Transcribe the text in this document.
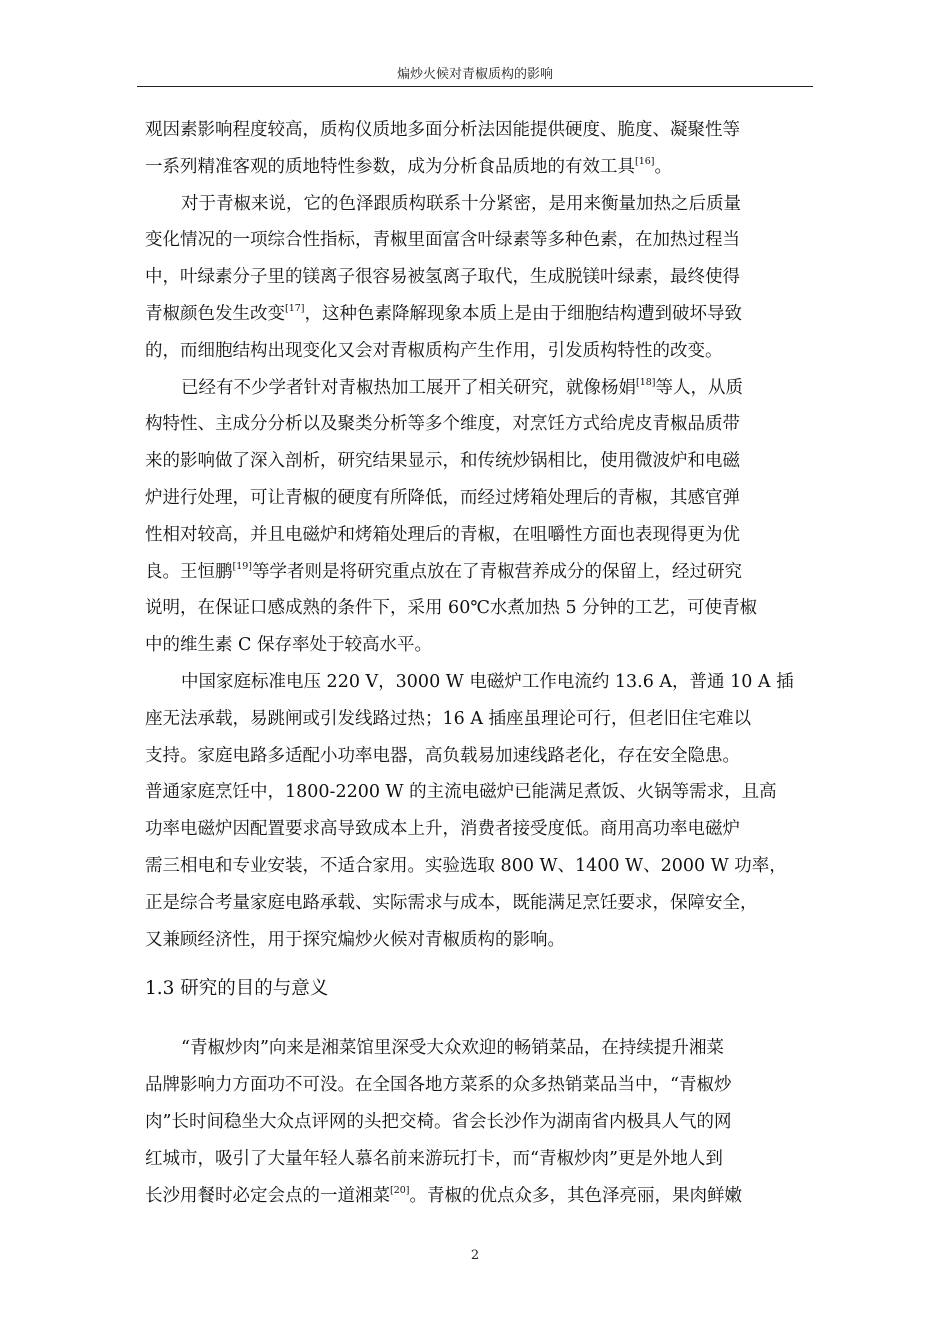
煸炒火候对青椒质构的影响
观因素影响程度较高，质构仪质地多面分析法因能提供硬度、脆度、凝聚性等
一系列精准客观的质地特性参数，成为分析食品质地的有效工具[16]。
对于青椒来说，它的色泽跟质构联系十分紧密，是用来衡量加热之后质量
变化情况的一项综合性指标，青椒里面富含叶绿素等多种色素，在加热过程当
中，叶绿素分子里的镁离子很容易被氢离子取代，生成脱镁叶绿素，最终使得
青椒颜色发生改变[17]，这种色素降解现象本质上是由于细胞结构遭到破坏导致
的，而细胞结构出现变化又会对青椒质构产生作用，引发质构特性的改变。
已经有不少学者针对青椒热加工展开了相关研究，就像杨娟[18]等人，从质
构特性、主成分分析以及聚类分析等多个维度，对烹饪方式给虎皮青椒品质带
来的影响做了深入剖析，研究结果显示，和传统炒锅相比，使用微波炉和电磁
炉进行处理，可让青椒的硬度有所降低，而经过烤箱处理后的青椒，其感官弹
性相对较高，并且电磁炉和烤箱处理后的青椒，在咀嚼性方面也表现得更为优
良。王恒鹏[19]等学者则是将研究重点放在了青椒营养成分的保留上，经过研究
说明，在保证口感成熟的条件下，采用 60℃水煮加热 5 分钟的工艺，可使青椒
中的维生素 C 保存率处于较高水平。
中国家庭标准电压 220 V，3000 W 电磁炉工作电流约 13.6 A，普通 10 A 插
座无法承载，易跳闸或引发线路过热；16 A 插座虽理论可行，但老旧住宅难以
支持。家庭电路多适配小功率电器，高负载易加速线路老化，存在安全隐患。
普通家庭烹饪中，1800-2200 W 的主流电磁炉已能满足煮饭、火锅等需求，且高
功率电磁炉因配置要求高导致成本上升，消费者接受度低。商用高功率电磁炉
需三相电和专业安装，不适合家用。实验选取 800 W、1400 W、2000 W 功率，
正是综合考量家庭电路承载、实际需求与成本，既能满足烹饪要求，保障安全，
又兼顾经济性，用于探究煸炒火候对青椒质构的影响。
1.3 研究的目的与意义
“青椒炒肉”向来是湘菜馆里深受大众欢迎的畅销菜品，在持续提升湘菜
品牌影响力方面功不可没。在全国各地方菜系的众多热销菜品当中，“青椒炒
肉”长时间稳坐大众点评网的头把交椅。省会长沙作为湖南省内极具人气的网
红城市，吸引了大量年轻人慕名前来游玩打卡，而“青椒炒肉”更是外地人到
长沙用餐时必定会点的一道湘菜[20]。青椒的优点众多，其色泽亮丽，果肉鲜嫩
2
